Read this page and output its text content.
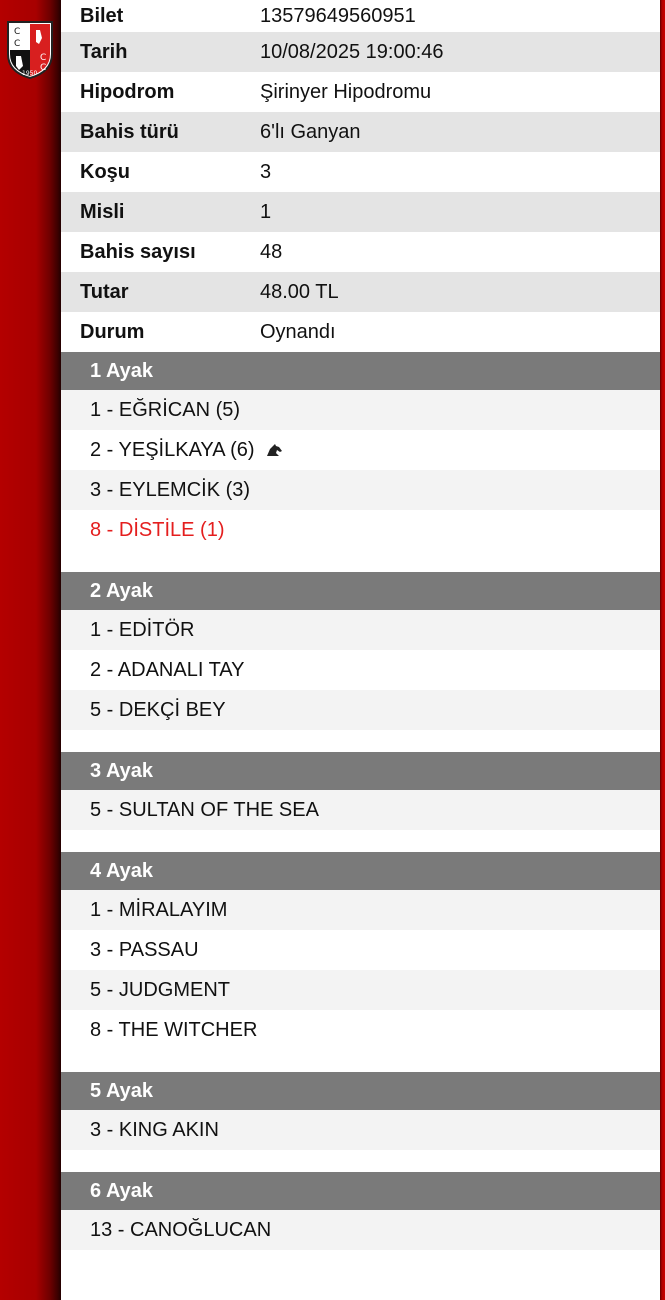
C
C
C
C
1950
Bilet	13579649560951
Tarih	10/08/2025 19:00:46
Hipodrom	Şirinyer Hipodromu
Bahis türü	6'lı Ganyan
Koşu	3
Misli	1
Bahis sayısı	48
Tutar	48.00 TL
Durum	Oynandı
1 Ayak
1 - EĞRİCAN (5)
2 - YEŞİLKAYA (6)
3 - EYLEMCİK (3)
8 - DİSTİLE (1)
2 Ayak
1 - EDİTÖR
2 - ADANALI TAY
5 - DEKÇİ BEY
3 Ayak
5 - SULTAN OF THE SEA
4 Ayak
1 - MİRALAYIM
3 - PASSAU
5 - JUDGMENT
8 - THE WITCHER
5 Ayak
3 - KING AKIN
6 Ayak
13 - CANOĞLUCAN
